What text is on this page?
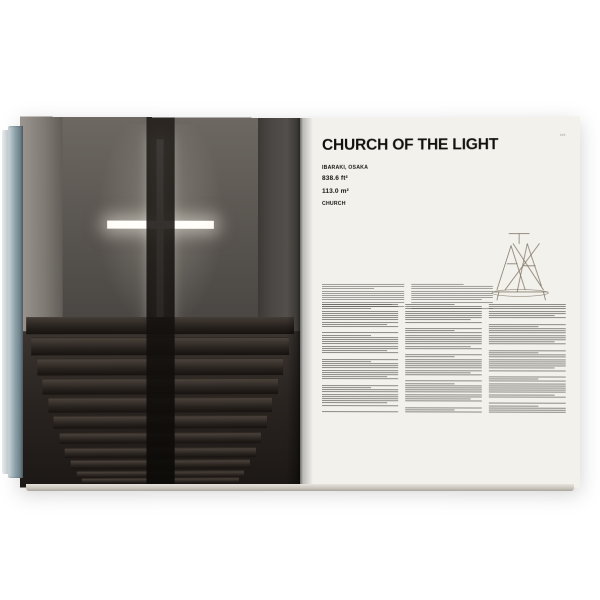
165
CHURCH OF THE LIGHT
IBARAKI, OSAKA
838.6 ft²
113.0 m²
CHURCH
